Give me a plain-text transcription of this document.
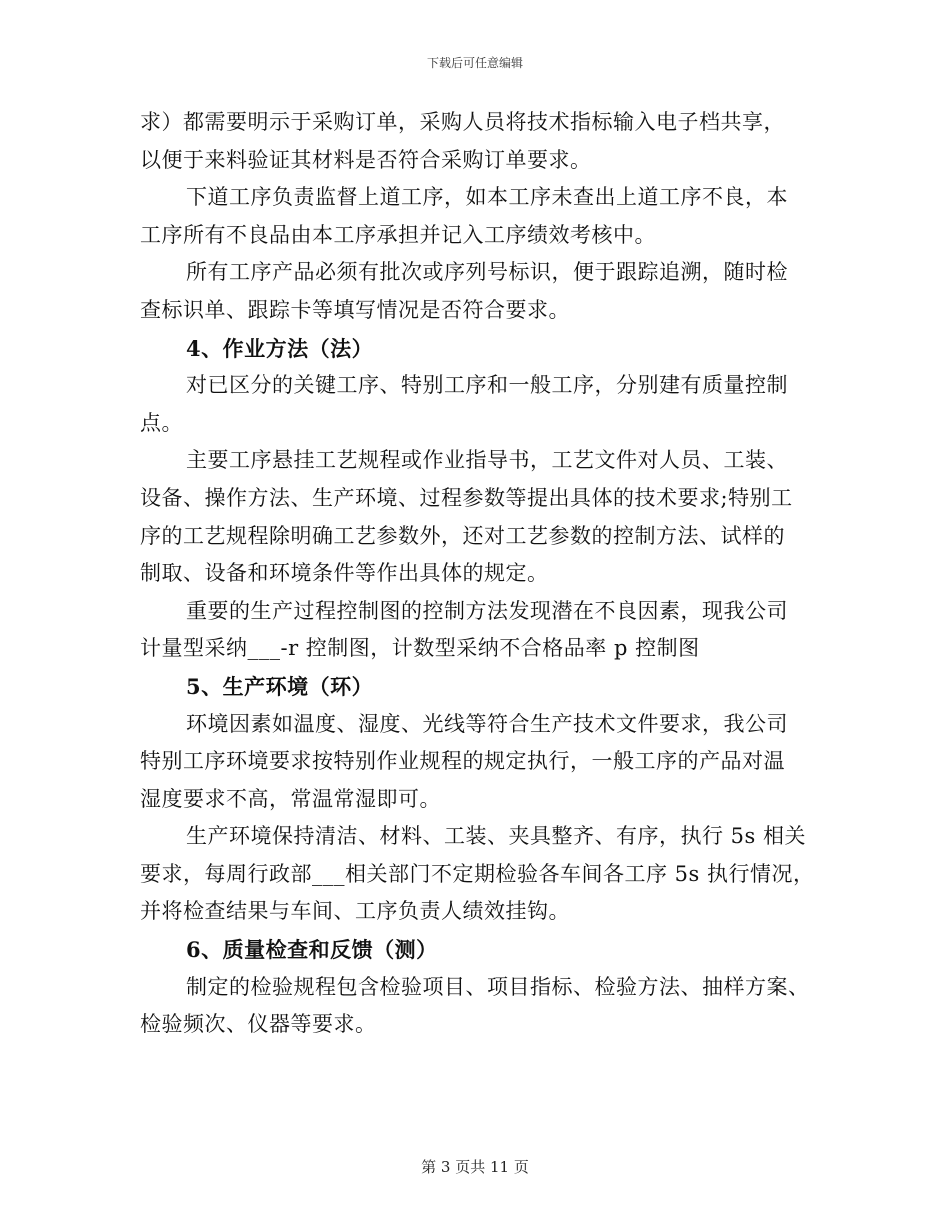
下载后可任意编辑
求）都需要明示于采购订单，采购人员将技术指标输入电子档共享，
以便于来料验证其材料是否符合采购订单要求。
下道工序负责监督上道工序，如本工序未查出上道工序不良，本
工序所有不良品由本工序承担并记入工序绩效考核中。
所有工序产品必须有批次或序列号标识，便于跟踪追溯，随时检
查标识单、跟踪卡等填写情况是否符合要求。
4、作业方法（法）
对已区分的关键工序、特别工序和一般工序，分别建有质量控制
点。
主要工序悬挂工艺规程或作业指导书，工艺文件对人员、工装、
设备、操作方法、生产环境、过程参数等提出具体的技术要求;特别工
序的工艺规程除明确工艺参数外，还对工艺参数的控制方法、试样的
制取、设备和环境条件等作出具体的规定。
重要的生产过程控制图的控制方法发现潜在不良因素，现我公司
计量型采纳___-r 控制图，计数型采纳不合格品率 p 控制图
5、生产环境（环）
环境因素如温度、湿度、光线等符合生产技术文件要求，我公司
特别工序环境要求按特别作业规程的规定执行，一般工序的产品对温
湿度要求不高，常温常湿即可。
生产环境保持清洁、材料、工装、夹具整齐、有序，执行 5s 相关
要求，每周行政部___相关部门不定期检验各车间各工序 5s 执行情况，
并将检查结果与车间、工序负责人绩效挂钩。
6、质量检查和反馈（测）
制定的检验规程包含检验项目、项目指标、检验方法、抽样方案、
检验频次、仪器等要求。
第 3 页共 11 页
